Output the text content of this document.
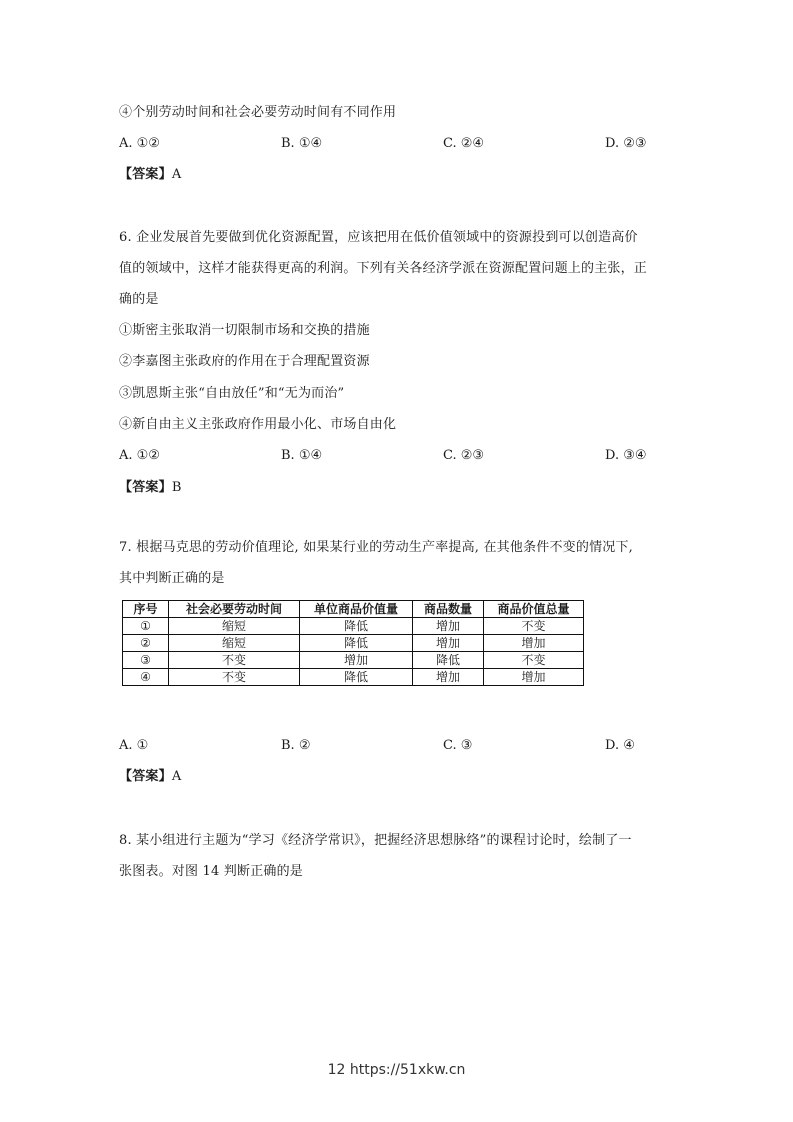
④个别劳动时间和社会必要劳动时间有不同作用
A. ①②	B. ①④	C. ②④	D. ②③
【答案】A
6. 企业发展首先要做到优化资源配置，应该把用在低价值领域中的资源投到可以创造高价
值的领域中，这样才能获得更高的利润。下列有关各经济学派在资源配置问题上的主张，正
确的是
①斯密主张取消一切限制市场和交换的措施
②李嘉图主张政府的作用在于合理配置资源
③凯恩斯主张“自由放任”和“无为而治”
④新自由主义主张政府作用最小化、市场自由化
A. ①②	B. ①④	C. ②③	D. ③④
【答案】B
7. 根据马克思的劳动价值理论, 如果某行业的劳动生产率提高, 在其他条件不变的情况下,
其中判断正确的是
序号	社会必要劳动时间	单位商品价值量	商品数量	商品价值总量
①	缩短	降低	增加	不变
②	缩短	降低	增加	增加
③	不变	增加	降低	不变
④	不变	降低	增加	增加
A. ①	B. ②	C. ③	D. ④
【答案】A
8. 某小组进行主题为“学习《经济学常识》，把握经济思想脉络”的课程讨论时，绘制了一
张图表。对图 14 判断正确的是
12 https://51xkw.cn
